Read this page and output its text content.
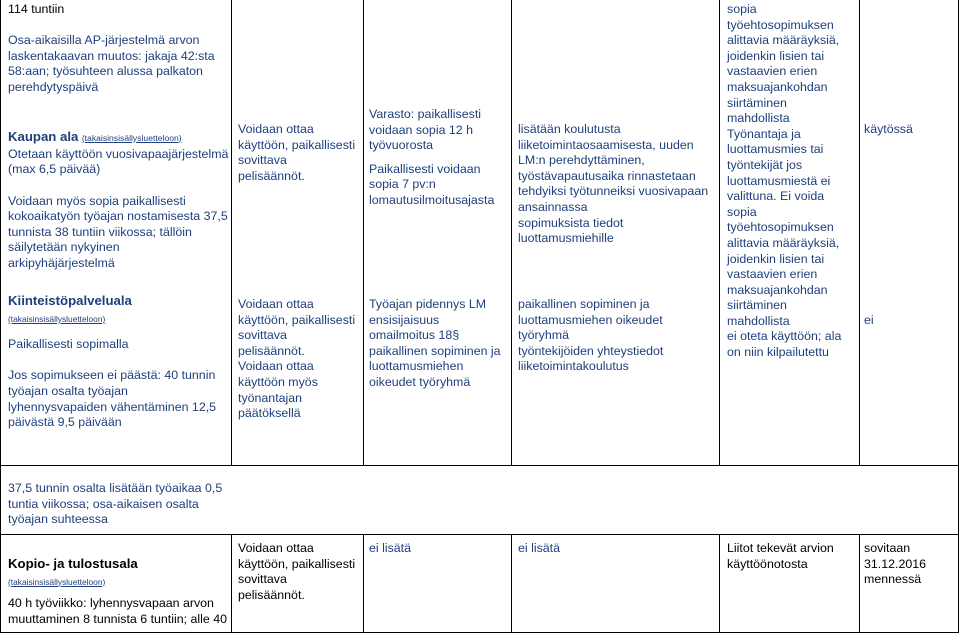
114 tuntiin

Osa-aikaisilla AP-järjestelmä arvon
laskentakaavan muutos: jakaja 42:sta
58:aan; työsuhteen alussa palkaton
perehdytyspäivä

Kaupan ala (takaisinsisällysluetteloon)

Otetaan käyttöön vuosivapaajärjestelmä
(max 6,5 päivää)

Voidaan myös sopia paikallisesti
kokoaikatyön työajan nostamisesta 37,5
tunnista 38 tuntiin viikossa; tällöin
säilytetään nykyinen
arkipyhäjärjestelmä

Kiinteistöpalveluala
(takaisinsisällysluetteloon)

Paikallisesti sopimalla

Jos sopimukseen ei päästä: 40 tunnin
työajan osalta työajan
lyhennysvapaiden vähentäminen 12,5
päivästä 9,5 päivään

Voidaan ottaa
käyttöön, paikallisesti
sovittava
pelisäännöt.

Voidaan ottaa
käyttöön, paikallisesti
sovittava
pelisäännöt.
Voidaan ottaa
käyttöön myös
työnantajan
päätöksellä

Varasto: paikallisesti
voidaan sopia 12 h
työvuorosta

Paikallisesti voidaan
sopia 7 pv:n
lomautusilmoitusajasta

Työajan pidennys LM
ensisijaisuus
omailmoitus 18§
paikallinen sopiminen ja
luottamusmiehen
oikeudet työryhmä

lisätään koulutusta
liiketoimintaosaamisesta, uuden
LM:n perehdyttäminen,
työstävapautusaika rinnastetaan
tehdyiksi työtunneiksi vuosivapaan
ansainnassa
sopimuksista tiedot
luottamusmiehille

paikallinen sopiminen ja
luottamusmiehen oikeudet
työryhmä
työntekijöiden yhteystiedot
liiketoimintakoulutus

sopia
työehtosopimuksen
alittavia määräyksiä,
joidenkin lisien tai
vastaavien erien
maksuajankohdan
siirtäminen
mahdollista
Työnantaja ja
luottamusmies tai
työntekijät jos
luottamusmiestä ei
valittuna. Ei voida
sopia
työehtosopimuksen
alittavia määräyksiä,
joidenkin lisien tai
vastaavien erien
maksuajankohdan
siirtäminen
mahdollista

ei oteta käyttöön; ala
on niin kilpailutettu

käytössä

ei

37,5 tunnin osalta lisätään työaikaa 0,5
tuntia viikossa; osa-aikaisen osalta
työajan suhteessa

Kopio- ja tulostusala
(takaisinsisällysluetteloon)

40 h työviikko: lyhennysvapaan arvon
muuttaminen 8 tunnista 6 tuntiin; alle 40

Voidaan ottaa
käyttöön, paikallisesti
sovittava
pelisäännöt.

ei lisätä	ei lisätä	Liitot tekevät arvion
käyttöönotosta

sovitaan
31.12.2016
mennessä
